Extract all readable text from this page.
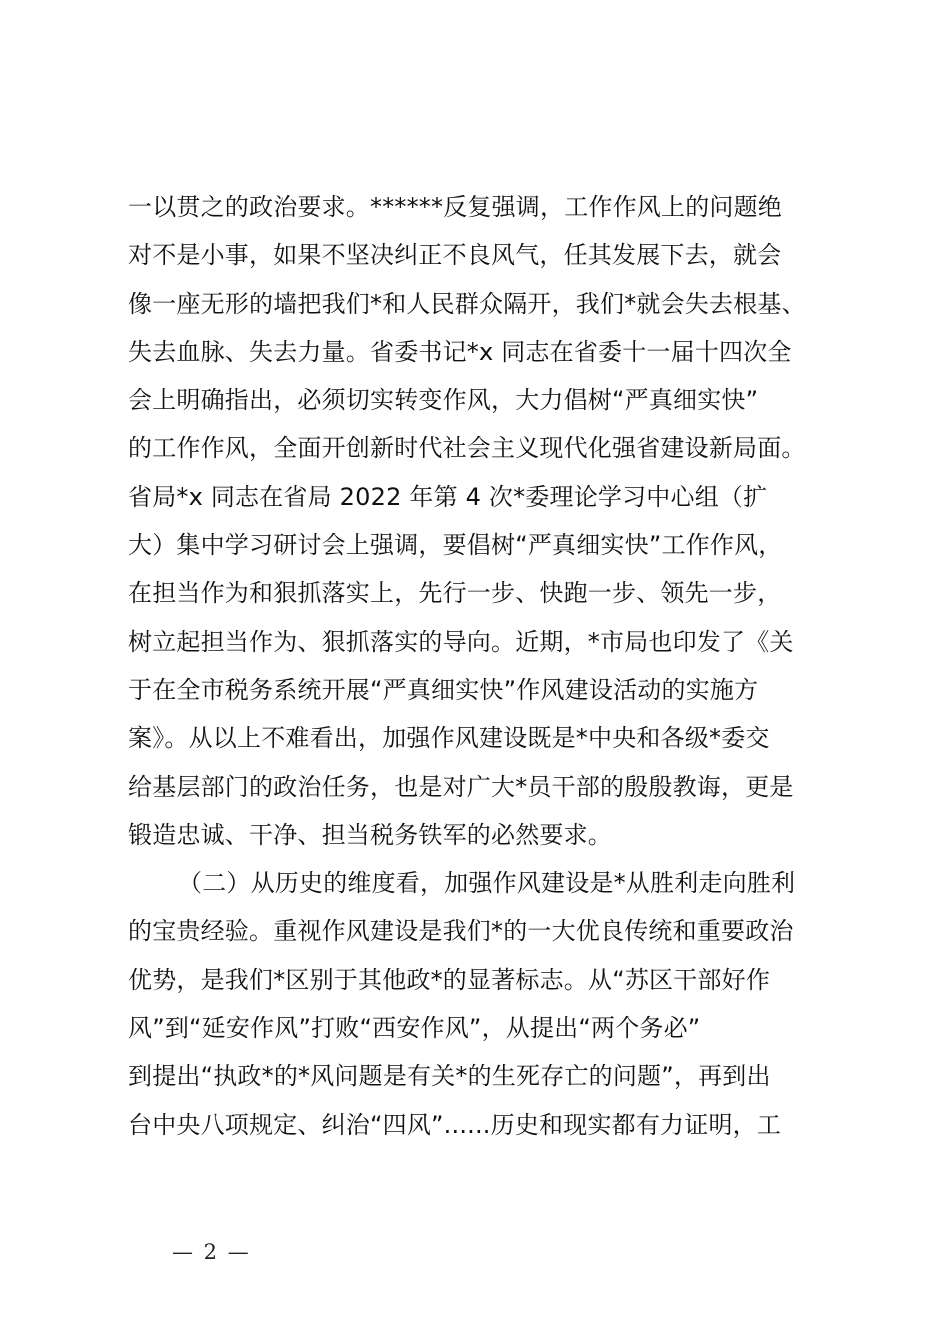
一以贯之的政治要求。******反复强调，工作作风上的问题绝
对不是小事，如果不坚决纠正不良风气，任其发展下去，就会
像一座无形的墙把我们*和人民群众隔开，我们*就会失去根基、
失去血脉、失去力量。省委书记*x 同志在省委十一届十四次全
会上明确指出，必须切实转变作风，大力倡树“严真细实快”
的工作作风，全面开创新时代社会主义现代化强省建设新局面。
省局*x 同志在省局 2022 年第 4 次*委理论学习中心组（扩
大）集中学习研讨会上强调，要倡树“严真细实快”工作作风，
在担当作为和狠抓落实上，先行一步、快跑一步、领先一步，
树立起担当作为、狠抓落实的导向。近期，*市局也印发了《关
于在全市税务系统开展“严真细实快”作风建设活动的实施方
案》。从以上不难看出，加强作风建设既是*中央和各级*委交
给基层部门的政治任务，也是对广大*员干部的殷殷教诲，更是
锻造忠诚、干净、担当税务铁军的必然要求。
（二）从历史的维度看，加强作风建设是*从胜利走向胜利
的宝贵经验。重视作风建设是我们*的一大优良传统和重要政治
优势，是我们*区别于其他政*的显著标志。从“苏区干部好作
风”到“延安作风”打败“西安作风”，从提出“两个务必”
到提出“执政*的*风问题是有关*的生死存亡的问题”，再到出
台中央八项规定、纠治“四风”......历史和现实都有力证明，工
— 2 —
